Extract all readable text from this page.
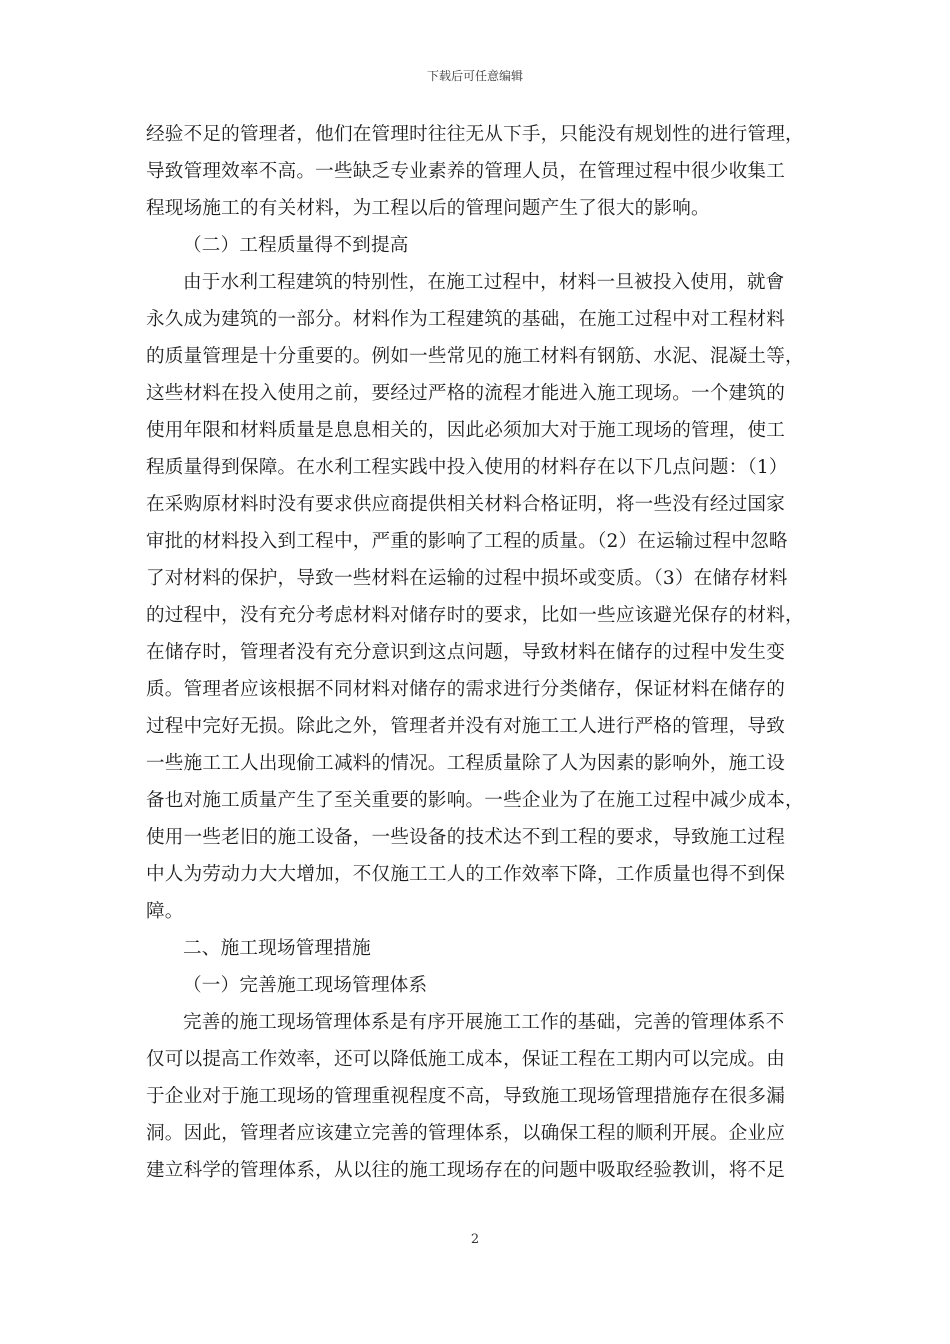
下载后可任意编辑
经验不足的管理者，他们在管理时往往无从下手，只能没有规划性的进行管理，
导致管理效率不高。一些缺乏专业素养的管理人员，在管理过程中很少收集工
程现场施工的有关材料，为工程以后的管理问题产生了很大的影响。
（二）工程质量得不到提高
由于水利工程建筑的特别性，在施工过程中，材料一旦被投入使用，就會
永久成为建筑的一部分。材料作为工程建筑的基础，在施工过程中对工程材料
的质量管理是十分重要的。例如一些常见的施工材料有钢筋、水泥、混凝土等，
这些材料在投入使用之前，要经过严格的流程才能进入施工现场。一个建筑的
使用年限和材料质量是息息相关的，因此必须加大对于施工现场的管理，使工
程质量得到保障。在水利工程实践中投入使用的材料存在以下几点问题：（1）
在采购原材料时没有要求供应商提供相关材料合格证明，将一些没有经过国家
审批的材料投入到工程中，严重的影响了工程的质量。（2）在运输过程中忽略
了对材料的保护，导致一些材料在运输的过程中损坏或变质。（3）在储存材料
的过程中，没有充分考虑材料对储存时的要求，比如一些应该避光保存的材料，
在储存时，管理者没有充分意识到这点问题，导致材料在储存的过程中发生变
质。管理者应该根据不同材料对储存的需求进行分类储存，保证材料在储存的
过程中完好无损。除此之外，管理者并没有对施工工人进行严格的管理，导致
一些施工工人出现偷工减料的情况。工程质量除了人为因素的影响外，施工设
备也对施工质量产生了至关重要的影响。一些企业为了在施工过程中减少成本，
使用一些老旧的施工设备，一些设备的技术达不到工程的要求，导致施工过程
中人为劳动力大大增加，不仅施工工人的工作效率下降，工作质量也得不到保
障。
二、施工现场管理措施
（一）完善施工现场管理体系
完善的施工现场管理体系是有序开展施工工作的基础，完善的管理体系不
仅可以提高工作效率，还可以降低施工成本，保证工程在工期内可以完成。由
于企业对于施工现场的管理重视程度不高，导致施工现场管理措施存在很多漏
洞。因此，管理者应该建立完善的管理体系，以确保工程的顺利开展。企业应
建立科学的管理体系，从以往的施工现场存在的问题中吸取经验教训，将不足
2
